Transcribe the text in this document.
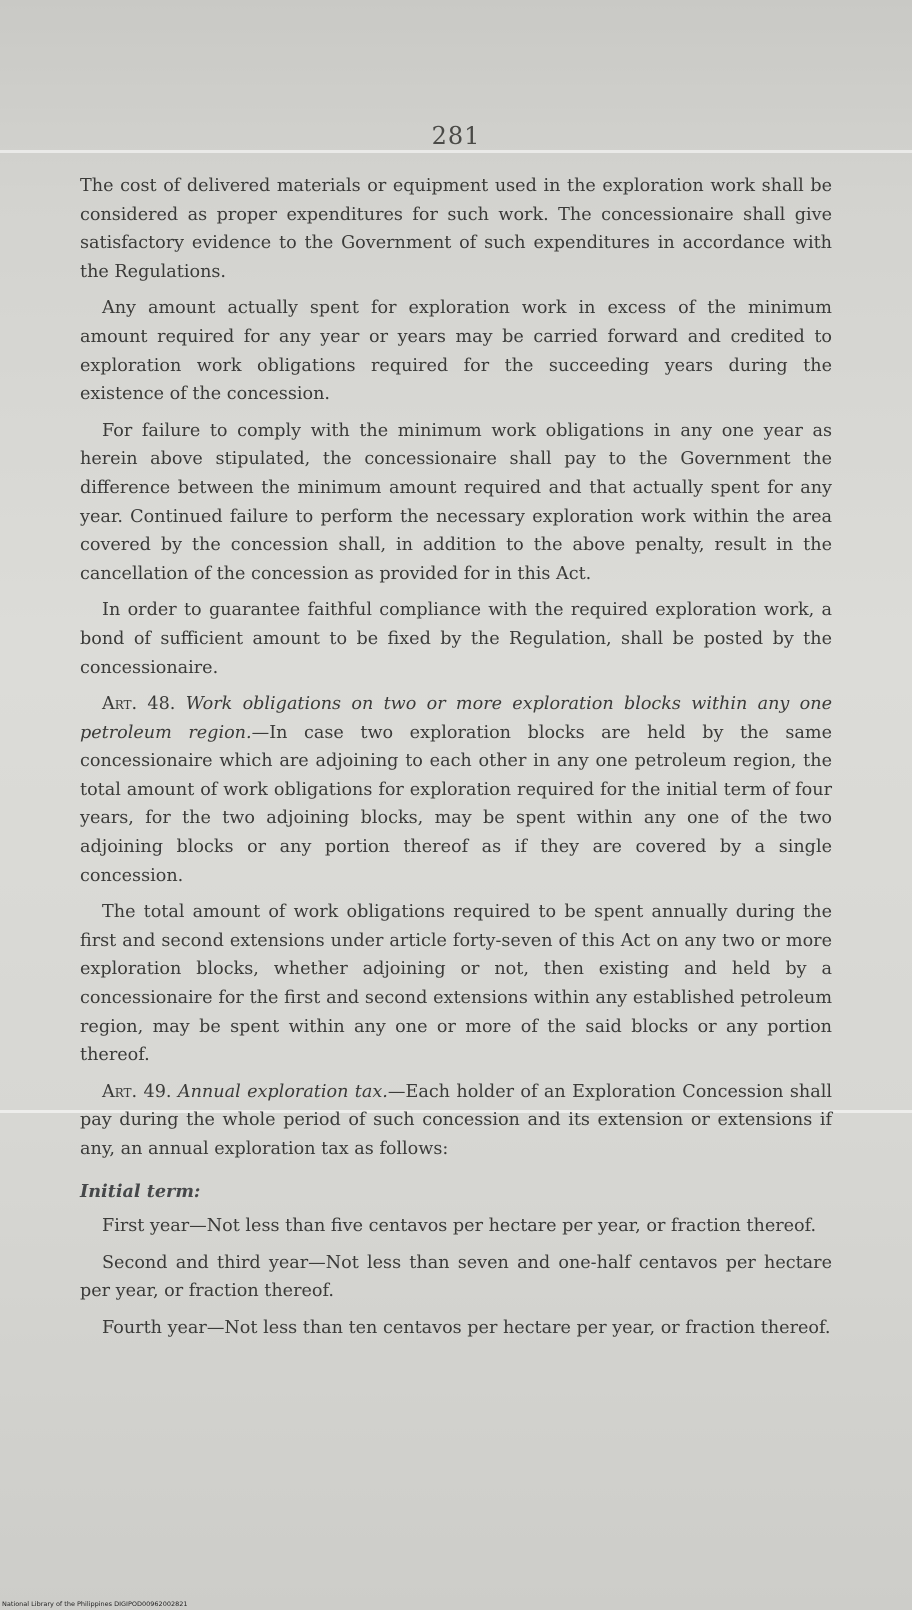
281

The cost of delivered materials or equipment used in the exploration work shall be considered as proper expenditures for such work. The concessionaire shall give satisfactory evidence to the Government of such expenditures in accordance with the Regulations.

Any amount actually spent for exploration work in excess of the minimum amount required for any year or years may be carried forward and credited to exploration work obligations required for the succeeding years during the existence of the concession.

For failure to comply with the minimum work obligations in any one year as herein above stipulated, the concessionaire shall pay to the Government the difference between the minimum amount required and that actually spent for any year. Continued failure to perform the necessary exploration work within the area covered by the concession shall, in addition to the above penalty, result in the cancellation of the concession as provided for in this Act.

In order to guarantee faithful compliance with the required exploration work, a bond of sufficient amount to be fixed by the Regulation, shall be posted by the concessionaire.

Art. 48. Work obligations on two or more exploration blocks within any one petroleum region.—In case two exploration blocks are held by the same concessionaire which are adjoining to each other in any one petroleum region, the total amount of work obligations for exploration required for the initial term of four years, for the two adjoining blocks, may be spent within any one of the two adjoining blocks or any portion thereof as if they are covered by a single concession.

The total amount of work obligations required to be spent annually during the first and second extensions under article forty-seven of this Act on any two or more exploration blocks, whether adjoining or not, then existing and held by a concessionaire for the first and second extensions within any established petroleum region, may be spent within any one or more of the said blocks or any portion thereof.

Art. 49. Annual exploration tax.—Each holder of an Exploration Concession shall pay during the whole period of such concession and its extension or extensions if any, an annual exploration tax as follows:

Initial term:

First year—Not less than five centavos per hectare per year, or fraction thereof.

Second and third year—Not less than seven and one-half centavos per hectare per year, or fraction thereof.

Fourth year—Not less than ten centavos per hectare per year, or fraction thereof.

National Library of the Philippines DIGIPOD00962002821
